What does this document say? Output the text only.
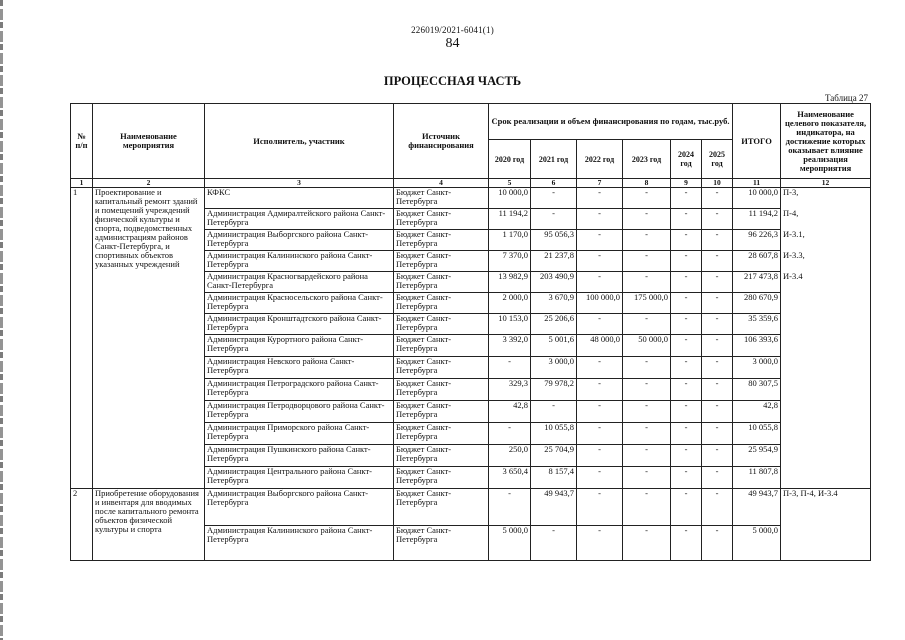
226019/2021-6041(1)
84
ПРОЦЕССНАЯ ЧАСТЬ
Таблица 27
№ п/п	Наименование мероприятия	Исполнитель, участник	Источник финансирования	Срок реализации и объем финансирования по годам, тыс.руб.						ИТОГО	Наименование целевого показателя, индикатора, на достижение которых оказывает влияние реализация мероприятия
				2020 год	2021 год	2022 год	2023 год	2024 год	2025 год		
1	2	3	4	5	6	7	8	9	10	11	12
1	Проектирование и капитальный ремонт зданий и помещений учреждений физической культуры и спорта, подведомственных администрациям районов Санкт-Петербурга, и спортивных объектов указанных учреждений	КФКС	Бюджет Санкт-Петербурга	10 000,0	-	-	-	-	-	10 000,0	П-3,
		Администрация Адмиралтейского района Санкт-Петербурга	Бюджет Санкт-Петербурга	11 194,2	-	-	-	-	-	11 194,2	П-4,
		Администрация Выборгского района Санкт-Петербурга	Бюджет Санкт-Петербурга	1 170,0	95 056,3	-	-	-	-	96 226,3	И-3.1,
		Администрация Калининского района Санкт-Петербурга	Бюджет Санкт-Петербурга	7 370,0	21 237,8	-	-	-	-	28 607,8	И-3.3,
		Администрация Красногвардейского района Санкт-Петербурга	Бюджет Санкт-Петербурга	13 982,9	203 490,9	-	-	-	-	217 473,8	И-3.4
		Администрация Красносельского района Санкт-Петербурга	Бюджет Санкт-Петербурга	2 000,0	3 670,9	100 000,0	175 000,0	-	-	280 670,9	
		Администрация Кронштадтского района Санкт-Петербурга	Бюджет Санкт-Петербурга	10 153,0	25 206,6	-	-	-	-	35 359,6	
		Администрация Курортного района Санкт-Петербурга	Бюджет Санкт-Петербурга	3 392,0	5 001,6	48 000,0	50 000,0	-	-	106 393,6	
		Администрация Невского района Санкт-Петербурга	Бюджет Санкт-Петербурга	-	3 000,0	-	-	-	-	3 000,0	
		Администрация Петроградского района Санкт-Петербурга	Бюджет Санкт-Петербурга	329,3	79 978,2	-	-	-	-	80 307,5	
		Администрация Петродворцового района Санкт-Петербурга	Бюджет Санкт-Петербурга	42,8	-	-	-	-	-	42,8	
		Администрация Приморского района Санкт-Петербурга	Бюджет Санкт-Петербурга	-	10 055,8	-	-	-	-	10 055,8	
		Администрация Пушкинского района Санкт-Петербурга	Бюджет Санкт-Петербурга	250,0	25 704,9	-	-	-	-	25 954,9	
		Администрация Центрального района Санкт-Петербурга	Бюджет Санкт-Петербурга	3 650,4	8 157,4	-	-	-	-	11 807,8	
2	Приобретение оборудования и инвентаря для вводимых после капитального ремонта объектов физической культуры и спорта	Администрация Выборгского района Санкт-Петербурга	Бюджет Санкт-Петербурга	-	49 943,7	-	-	-	-	49 943,7	П-3, П-4, И-3.4
		Администрация Калининского района Санкт-Петербурга	Бюджет Санкт-Петербурга	5 000,0	-	-	-	-	-	5 000,0	
